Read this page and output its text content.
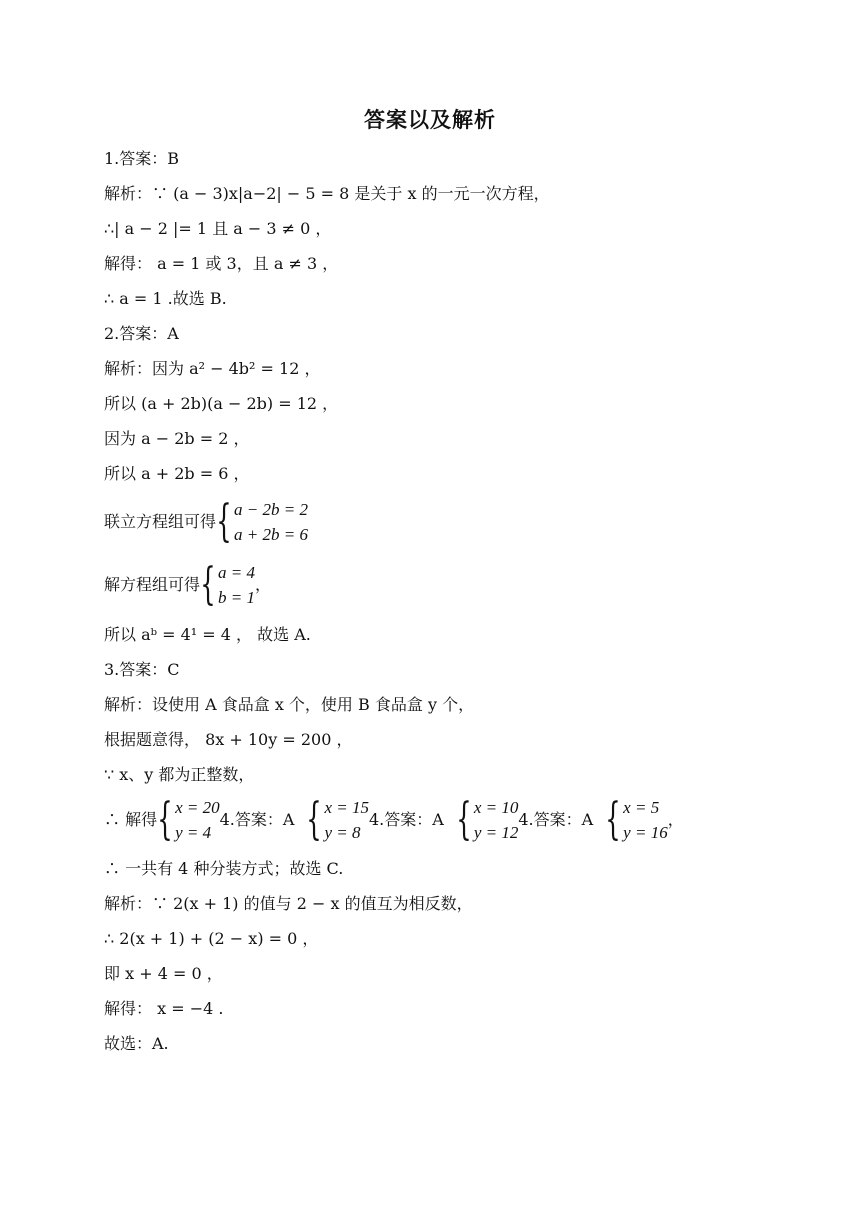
答案以及解析
1.答案：B
解析：∵ (a − 3)x|a−2| − 5 = 8 是关于 x 的一元一次方程，
∴| a − 2 |= 1 且 a − 3 ≠ 0 ，
解得： a = 1 或 3，且 a ≠ 3 ，
∴ a = 1 .故选 B.
2.答案：A
解析：因为 a² − 4b² = 12 ，
所以 (a + 2b)(a − 2b) = 12 ，
因为 a − 2b = 2 ，
所以 a + 2b = 6 ，
联立方程组可得 { a − 2b = 2
a + 2b = 6
解方程组可得 { a = 4
b = 1
，
所以 aᵇ = 4¹ = 4 ， 故选 A.
3.答案：C
解析：设使用 A 食品盒 x 个，使用 B 食品盒 y 个，
根据题意得， 8x + 10y = 200 ，
∵ x、y 都为正整数，
∴ 解得 { x = 20
y = 4
4.答案：A { x = 15
y = 8
4.答案：A { x = 10
y = 12
4.答案：A { x = 5
y = 16
，
∴ 一共有 4 种分装方式；故选 C.
解析：∵ 2(x + 1) 的值与 2 − x 的值互为相反数，
∴ 2(x + 1) + (2 − x) = 0 ，
即 x + 4 = 0 ，
解得： x = −4 .
故选：A.
